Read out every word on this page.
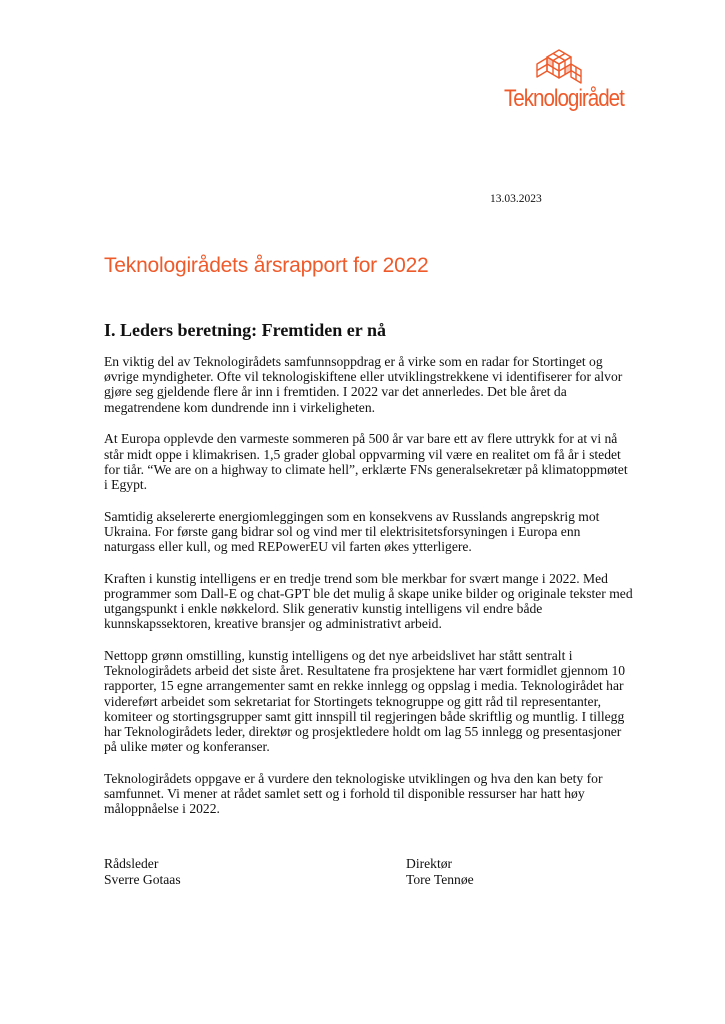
Teknologirådet
13.03.2023
Teknologirådets årsrapport for 2022
I. Leders beretning: Fremtiden er nå

En viktig del av Teknologirådets samfunnsoppdrag er å virke som en radar for Stortinget og øvrige myndigheter. Ofte vil teknologiskiftene eller utviklingstrekkene vi identifiserer for alvor gjøre seg gjeldende flere år inn i fremtiden. I 2022 var det annerledes. Det ble året da megatrendene kom dundrende inn i virkeligheten.

At Europa opplevde den varmeste sommeren på 500 år var bare ett av flere uttrykk for at vi nå står midt oppe i klimakrisen. 1,5 grader global oppvarming vil være en realitet om få år i stedet for tiår. “We are on a highway to climate hell”, erklærte FNs generalsekretær på klimatoppmøtet i Egypt.

Samtidig akselererte energiomleggingen som en konsekvens av Russlands angrepskrig mot Ukraina. For første gang bidrar sol og vind mer til elektrisitetsforsyningen i Europa enn naturgass eller kull, og med REPowerEU vil farten økes ytterligere.

Kraften i kunstig intelligens er en tredje trend som ble merkbar for svært mange i 2022. Med programmer som Dall-E og chat-GPT ble det mulig å skape unike bilder og originale tekster med utgangspunkt i enkle nøkkelord. Slik generativ kunstig intelligens vil endre både kunnskapssektoren, kreative bransjer og administrativt arbeid.

Nettopp grønn omstilling, kunstig intelligens og det nye arbeidslivet har stått sentralt i Teknologirådets arbeid det siste året. Resultatene fra prosjektene har vært formidlet gjennom 10 rapporter, 15 egne arrangementer samt en rekke innlegg og oppslag i media. Teknologirådet har videreført arbeidet som sekretariat for Stortingets teknogruppe og gitt råd til representanter, komiteer og stortingsgrupper samt gitt innspill til regjeringen både skriftlig og muntlig. I tillegg har Teknologirådets leder, direktør og prosjektledere holdt om lag 55 innlegg og presentasjoner på ulike møter og konferanser.

Teknologirådets oppgave er å vurdere den teknologiske utviklingen og hva den kan bety for samfunnet. Vi mener at rådet samlet sett og i forhold til disponible ressurser har hatt høy måloppnåelse i 2022.

Rådsleder
Sverre Gotaas
Direktør
Tore Tennøe
